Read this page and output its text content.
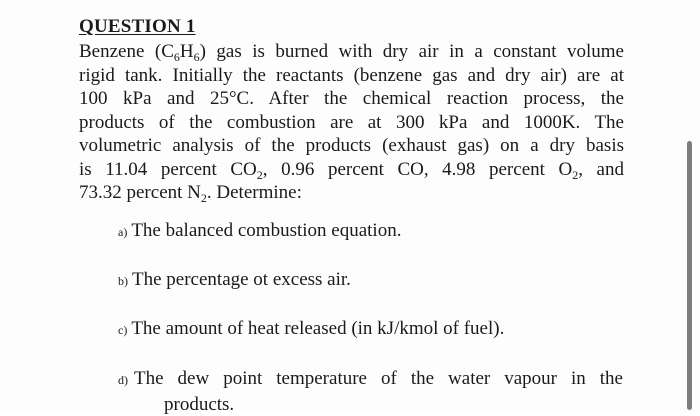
QUESTION 1
Benzene $(C_6H_6)$ gas is burned with dry air in a constant volume
rigid tank. Initially the reactants (benzene gas and dry air) are at
100 kPa and 25°C. After the chemical reaction process, the
products of the combustion are at 300 kPa and 1000K. The
volumetric analysis of the products (exhaust gas) on a dry basis
is 11.04 percent $CO_2$, 0.96 percent CO, 4.98 percent $O_2$, and
73.32 percent $N_2$. Determine:
a) The balanced combustion equation.
b) The percentage ot excess air.
c) The amount of heat released (in kJ/kmol of fuel).
d) The dew point temperature of the water vapour in the
products.
